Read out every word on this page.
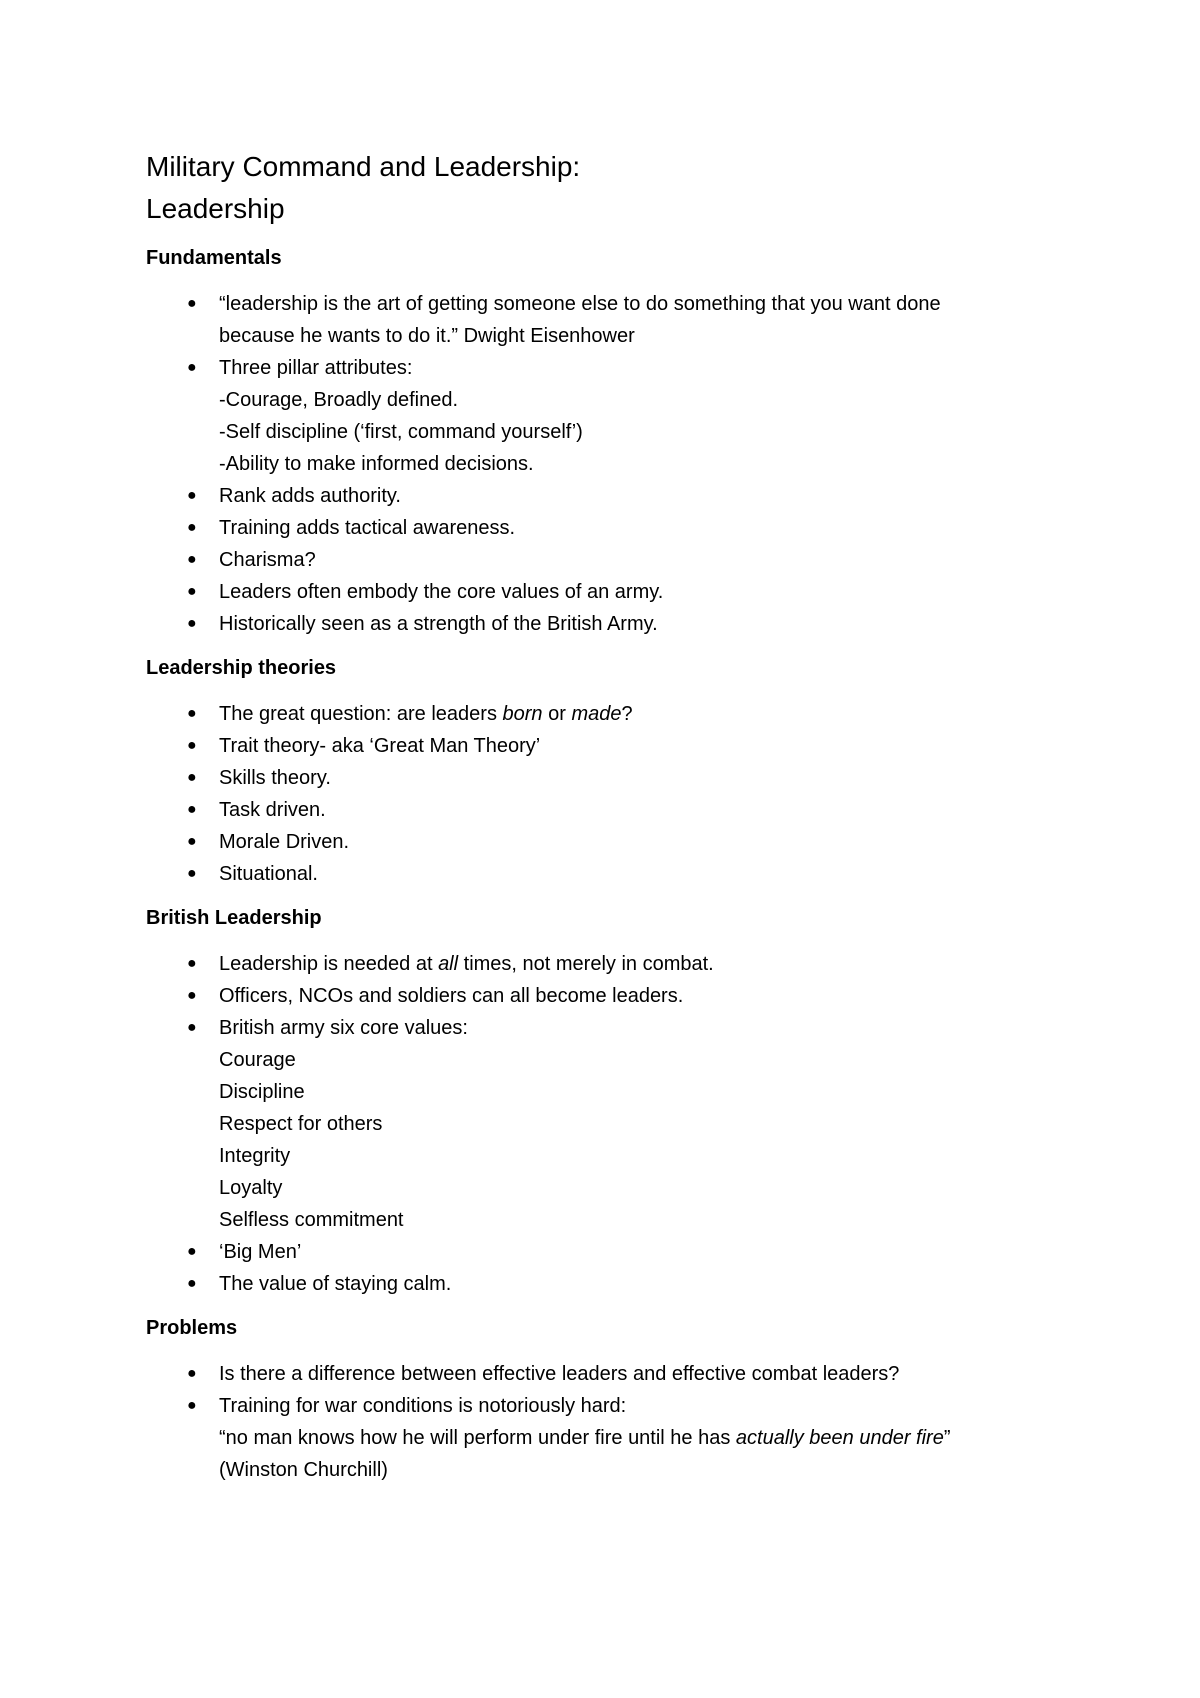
Military Command and Leadership:
Leadership
Fundamentals
● “leadership is the art of getting someone else to do something that you want done
because he wants to do it.” Dwight Eisenhower
● Three pillar attributes:
-Courage, Broadly defined.
-Self discipline (‘first, command yourself’)
-Ability to make informed decisions.
● Rank adds authority.
● Training adds tactical awareness.
● Charisma?
● Leaders often embody the core values of an army.
● Historically seen as a strength of the British Army.
Leadership theories
● The great question: are leaders born or made?
● Trait theory- aka ‘Great Man Theory’
● Skills theory.
● Task driven.
● Morale Driven.
● Situational.
British Leadership
● Leadership is needed at all times, not merely in combat.
● Officers, NCOs and soldiers can all become leaders.
● British army six core values:
Courage
Discipline
Respect for others
Integrity
Loyalty
Selfless commitment
● ‘Big Men’
● The value of staying calm.
Problems
● Is there a difference between effective leaders and effective combat leaders?
● Training for war conditions is notoriously hard:
“no man knows how he will perform under fire until he has actually been under fire”
(Winston Churchill)
